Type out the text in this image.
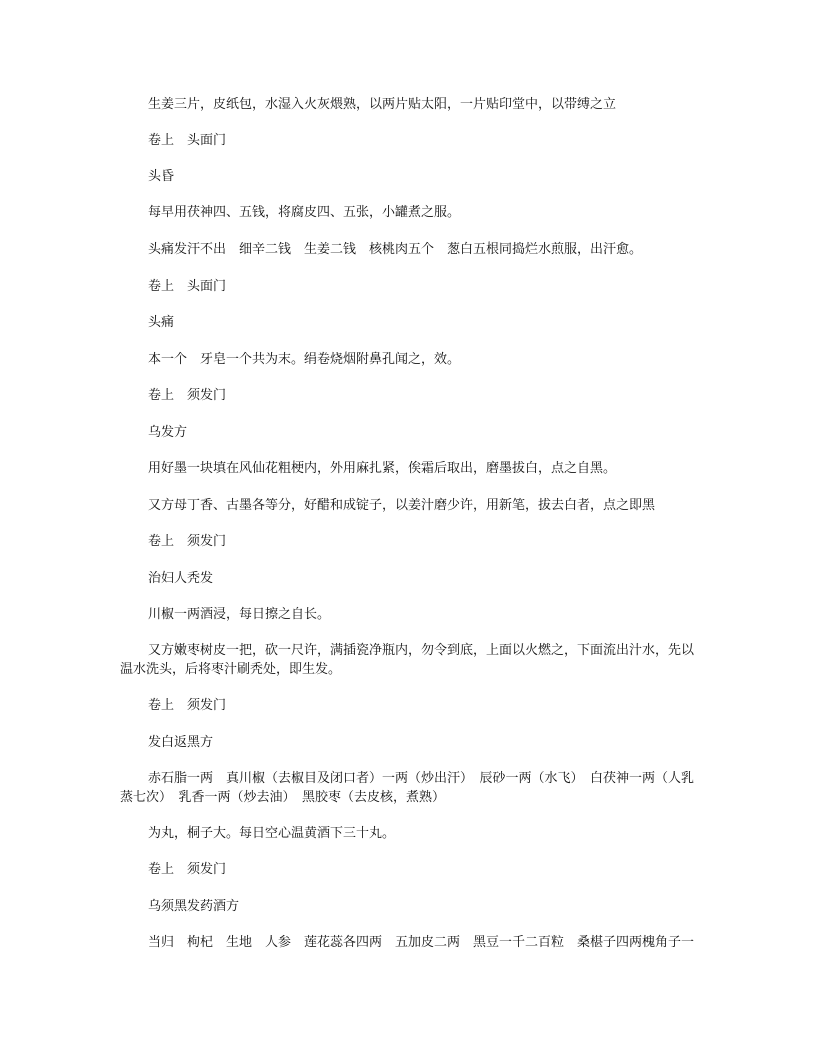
生姜三片，皮纸包，水湿入火灰煨熟，以两片贴太阳，一片贴印堂中，以带缚之立

卷上　头面门

头昏

每早用茯神四、五钱，将腐皮四、五张，小罐煮之服。

头痛发汗不出　细辛二钱　生姜二钱　核桃肉五个　葱白五根同捣烂水煎服，出汗愈。

卷上　头面门

头痛

本一个　牙皂一个共为末。绢卷烧烟附鼻孔闻之，效。

卷上　须发门

乌发方

用好墨一块填在风仙花粗梗内，外用麻扎紧，俟霜后取出，磨墨拔白，点之自黑。

又方母丁香、古墨各等分，好醋和成锭子，以姜汁磨少许，用新笔，拔去白者，点之即黑

卷上　须发门

治妇人秃发

川椒一两酒浸，每日擦之自长。

又方嫩枣树皮一把，砍一尺许，满插瓷净瓶内，勿令到底，上面以火燃之，下面流出汁水，先以温水洗头，后将枣汁刷秃处，即生发。

卷上　须发门

发白返黑方

赤石脂一两　真川椒（去椒目及闭口者）一两（炒出汗）　辰砂一两（水飞）　白茯神一两（人乳蒸七次）　乳香一两（炒去油）　黑胶枣（去皮核，煮熟）

为丸，桐子大。每日空心温黄酒下三十丸。

卷上　须发门

乌须黑发药酒方

当归　枸杞　生地　人参　莲花蕊各四两　五加皮二两　黑豆一千二百粒　桑椹子四两槐角子一
